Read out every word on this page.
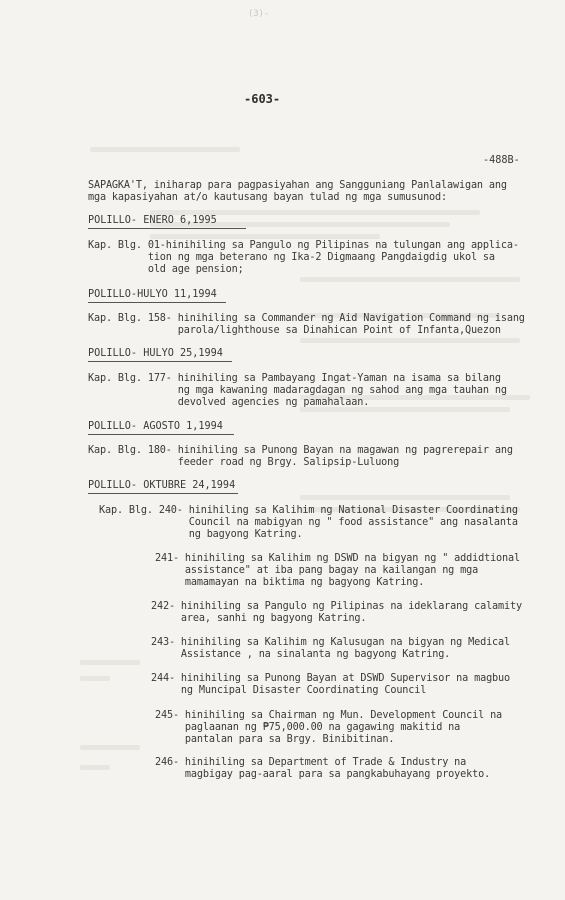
(3)-
-603-
-488B-
SAPAGKA'T, iniharap para pagpasiyahan ang Sangguniang Panlalawigan ang
mga kapasiyahan at/o kautusang bayan tulad ng mga sumusunod:
POLILLO- ENERO 6,1995
Kap. Blg. 01-hinihiling sa Pangulo ng Pilipinas na tulungan ang applica-
tion ng mga beterano ng Ika-2 Digmaang Pangdaigdig ukol sa
old age pension;
POLILLO-HULYO 11,1994
Kap. Blg. 158- hinihiling sa Commander ng Aid Navigation Command ng isang
parola/lighthouse sa Dinahican Point of Infanta,Quezon
POLILLO- HULYO 25,1994
Kap. Blg. 177- hinihiling sa Pambayang Ingat-Yaman na isama sa bilang
ng mga kawaning madaragdagan ng sahod ang mga tauhan ng
devolved agencies ng pamahalaan.
POLILLO- AGOSTO 1,1994
Kap. Blg. 180- hinihiling sa Punong Bayan na magawan ng pagrerepair ang
feeder road ng Brgy. Salipsip-Luluong
POLILLO- OKTUBRE 24,1994
Kap. Blg. 240- hinihiling sa Kalihim ng National Disaster Coordinating
Council na mabigyan ng " food assistance" ang nasalanta
ng bagyong Katring.
241- hinihiling sa Kalihim ng DSWD na bigyan ng " addidtional
assistance" at iba pang bagay na kailangan ng mga
mamamayan na biktima ng bagyong Katring.
242- hinihiling sa Pangulo ng Pilipinas na ideklarang calamity
area, sanhi ng bagyong Katring.
243- hinihiling sa Kalihim ng Kalusugan na bigyan ng Medical
Assistance , na sinalanta ng bagyong Katring.
244- hinihiling sa Punong Bayan at DSWD Supervisor na magbuo
ng Muncipal Disaster Coordinating Council
245- hinihiling sa Chairman ng Mun. Development Council na
paglaanan ng ₱75,000.00 na gagawing makitid na
pantalan para sa Brgy. Binibitinan.
246- hinihiling sa Department of Trade & Industry na
magbigay pag-aaral para sa pangkabuhayang proyekto.
